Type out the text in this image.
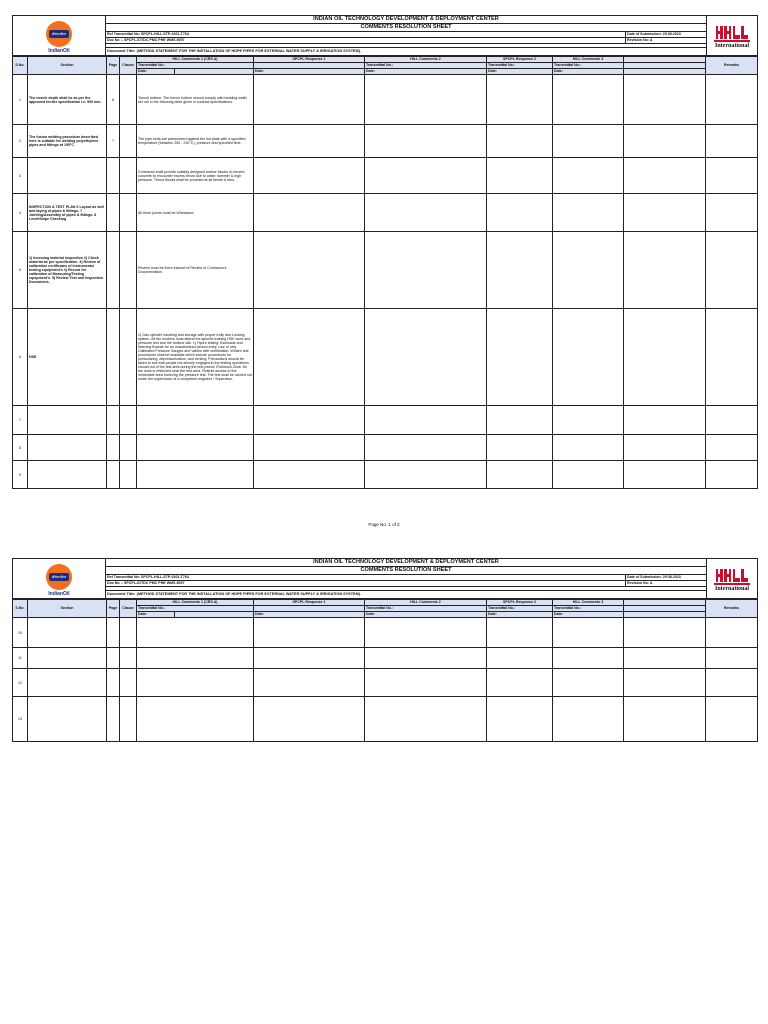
इंडियनऑयल
IndianOil	INDIAN OIL TECHNOLOGY DEVELOPMENT & DEPLOYMENT CENTER		International

	COMMENTS RESOLUTION SHEET		
	Ref Transmittal No: SPCPL-HILL-STP-0201-T764	Date of Submission: 29.08.2023	
	Doc No :- SPCPL-IOTDC PMC PHE WMS 8097	Revision No: A	

	Document Title: (METHOD STATEMENT FOR THE INSTALLATION OF HDPE PIPES FOR EXTERNAL WATER SUPPLY & IRRIGATION SYSTEM).		
S.No.	Section	Page	Clause	HILL Comments 1 (CRS A)		SPCPL Response 1	HILL Comments 2	SPCPL Response 2	HILL Comments 3		Remarks
				Transmittal No.:			Transmittal No.:	Transmittal No.:	Transmittal No.:		
				Date:		Date:	Date:	Date:	Date:		
1	The trench depth shall be as per the approved tender specification i.e. 900 mm.	6		Trench bottom: The trench bottom should comply with bedding width set out in the following table given in contract specifications.							
2	The fusion welding procedure described here is suitable for welding polyethylene pipes and fittings at 195°C	7		The pipe ends are pressurized against the hot plate with a specified temperature (between 200 - 230°C), pressure and specified time.							
3				Contractor shall provide suitably designed anchor blocks in cement concrete to encounter excess thrust due to water hammer & high pressure. Thrust blocks shall be provided at all bends & tees.							
4	INSPECTION & TEST PLAN 6 Layout as well and laying of pipes & fittings. 7 Jointing/Assembly of pipes & fittings. 8 Level/Slope Checking			All three points must be Witnessed.							
5	1) Incoming material inspection 2) Check material as per specification. 3) Review of calibration certificates of Instruments/ testing equipment's 4) Record for calibration of Measuring/Testing equipment's. 5) Review Test and Inspection Documents.			Review must be there instead of Review of Contractor's Documentation.							
6	HSE			1) Gas cylinder handling and storage with proper trolly and Locking system. All the workers must attend the specific training HSE work and pressure test and the toolbox talk. 1) Hydro testing: Barricade and Warning Boards for an unauthorized person entry. Use of only Calibrated Pressure Gauges and Valves with certification. Written test procedures shall be available which include procedures for pressurizing, depressurization, and venting. Precautions should be taken to see that people not directly engaged in the testing operations should out of the test area during the test period. Exclusion Zone: All the work is restricted near the test area. Restrict access to the immediate area involving the pressure test. The test shall be carried out under the supervision of a competent engineer / Supervisor.							
7											
8											
9											
Page No. 1 of 2
इंडियनऑयल
IndianOil	INDIAN OIL TECHNOLOGY DEVELOPMENT & DEPLOYMENT CENTER		International

	COMMENTS RESOLUTION SHEET		
	Ref Transmittal No: SPCPL-HILL-STP-0201-T764	Date of Submission: 29.08.2023	
	Doc No :- SPCPL-IOTDC PMC PHE WMS 8097	Revision No: A	

	Document Title: (METHOD STATEMENT FOR THE INSTALLATION OF HDPE PIPES FOR EXTERNAL WATER SUPPLY & IRRIGATION SYSTEM).		
S.No.	Section	Page	Clause	HILL Comments 1 (CRS A)		SPCPL Response 1	HILL Comments 2	SPCPL Response 2	HILL Comments 3		Remarks
				Transmittal No.:			Transmittal No.:	Transmittal No.:	Transmittal No.:		
				Date:		Date:	Date:	Date:	Date:		
10											
11											
12											
13											
